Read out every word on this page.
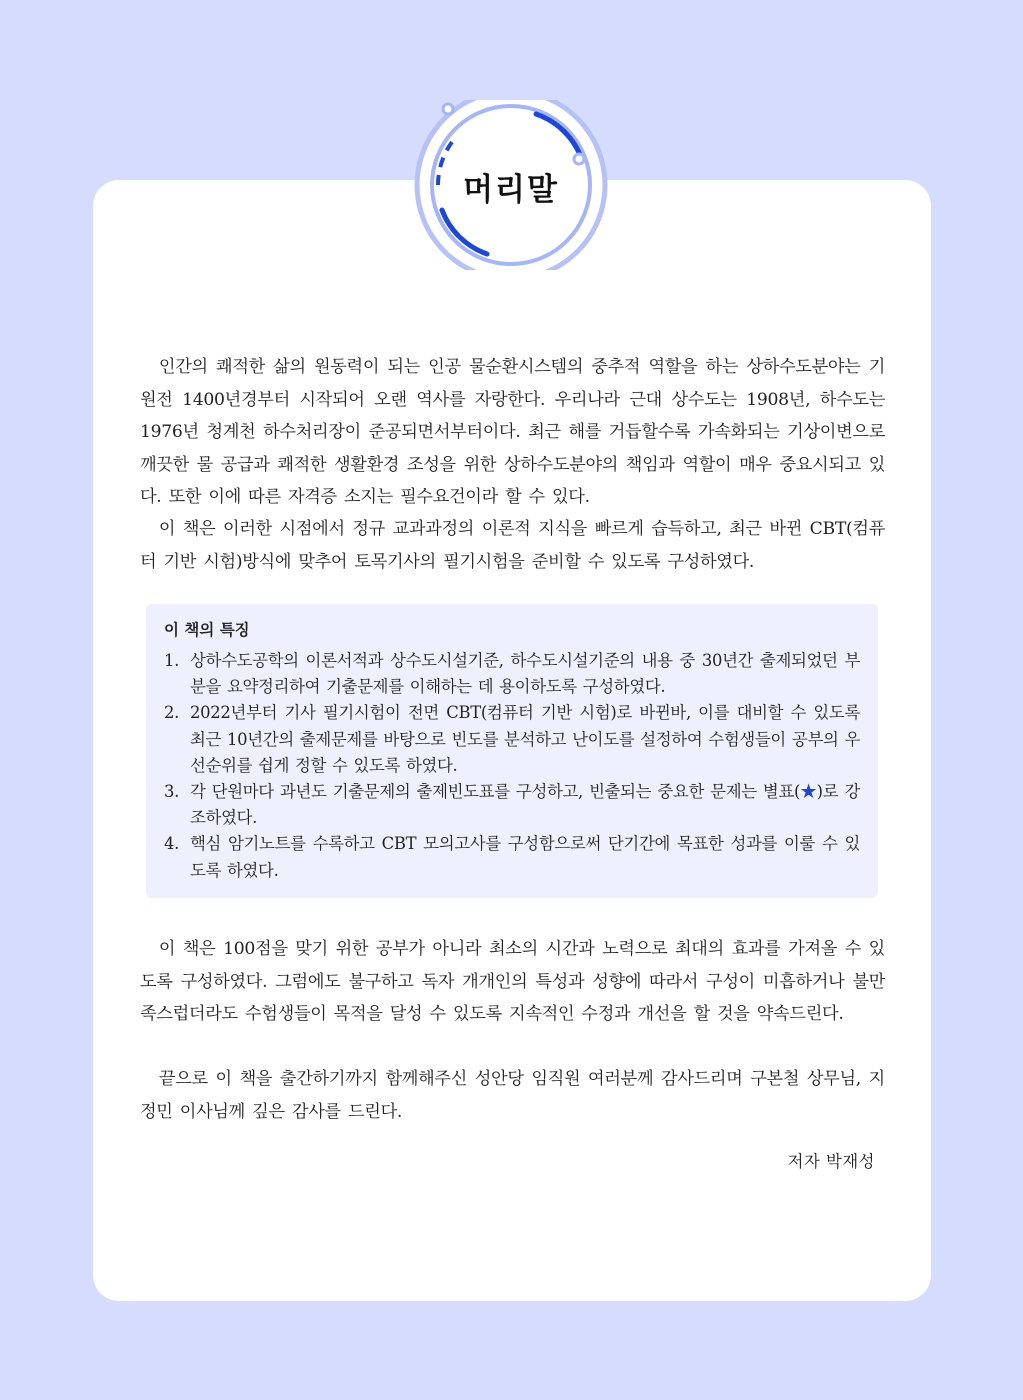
머리말

인간의 쾌적한 삶의 원동력이 되는 인공 물순환시스템의 중추적 역할을 하는 상하수도분야는 기원전 1400년경부터 시작되어 오랜 역사를 자랑한다. 우리나라 근대 상수도는 1908년, 하수도는 1976년 청계천 하수처리장이 준공되면서부터이다. 최근 해를 거듭할수록 가속화되는 기상이변으로 깨끗한 물 공급과 쾌적한 생활환경 조성을 위한 상하수도분야의 책임과 역할이 매우 중요시되고 있다. 또한 이에 따른 자격증 소지는 필수요건이라 할 수 있다.

이 책은 이러한 시점에서 정규 교과과정의 이론적 지식을 빠르게 습득하고, 최근 바뀐 CBT(컴퓨터 기반 시험)방식에 맞추어 토목기사의 필기시험을 준비할 수 있도록 구성하였다.

이 책의 특징
1. 상하수도공학의 이론서적과 상수도시설기준, 하수도시설기준의 내용 중 30년간 출제되었던 부분을 요약정리하여 기출문제를 이해하는 데 용이하도록 구성하였다.
2. 2022년부터 기사 필기시험이 전면 CBT(컴퓨터 기반 시험)로 바뀐바, 이를 대비할 수 있도록 최근 10년간의 출제문제를 바탕으로 빈도를 분석하고 난이도를 설정하여 수험생들이 공부의 우선순위를 쉽게 정할 수 있도록 하였다.
3. 각 단원마다 과년도 기출문제의 출제빈도표를 구성하고, 빈출되는 중요한 문제는 별표(★)로 강조하였다.
4. 핵심 암기노트를 수록하고 CBT 모의고사를 구성함으로써 단기간에 목표한 성과를 이룰 수 있도록 하였다.

이 책은 100점을 맞기 위한 공부가 아니라 최소의 시간과 노력으로 최대의 효과를 가져올 수 있도록 구성하였다. 그럼에도 불구하고 독자 개개인의 특성과 성향에 따라서 구성이 미흡하거나 불만족스럽더라도 수험생들이 목적을 달성 수 있도록 지속적인 수정과 개선을 할 것을 약속드린다.

끝으로 이 책을 출간하기까지 함께해주신 성안당 임직원 여러분께 감사드리며 구본철 상무님, 지정민 이사님께 깊은 감사를 드린다.

저자 박재성
